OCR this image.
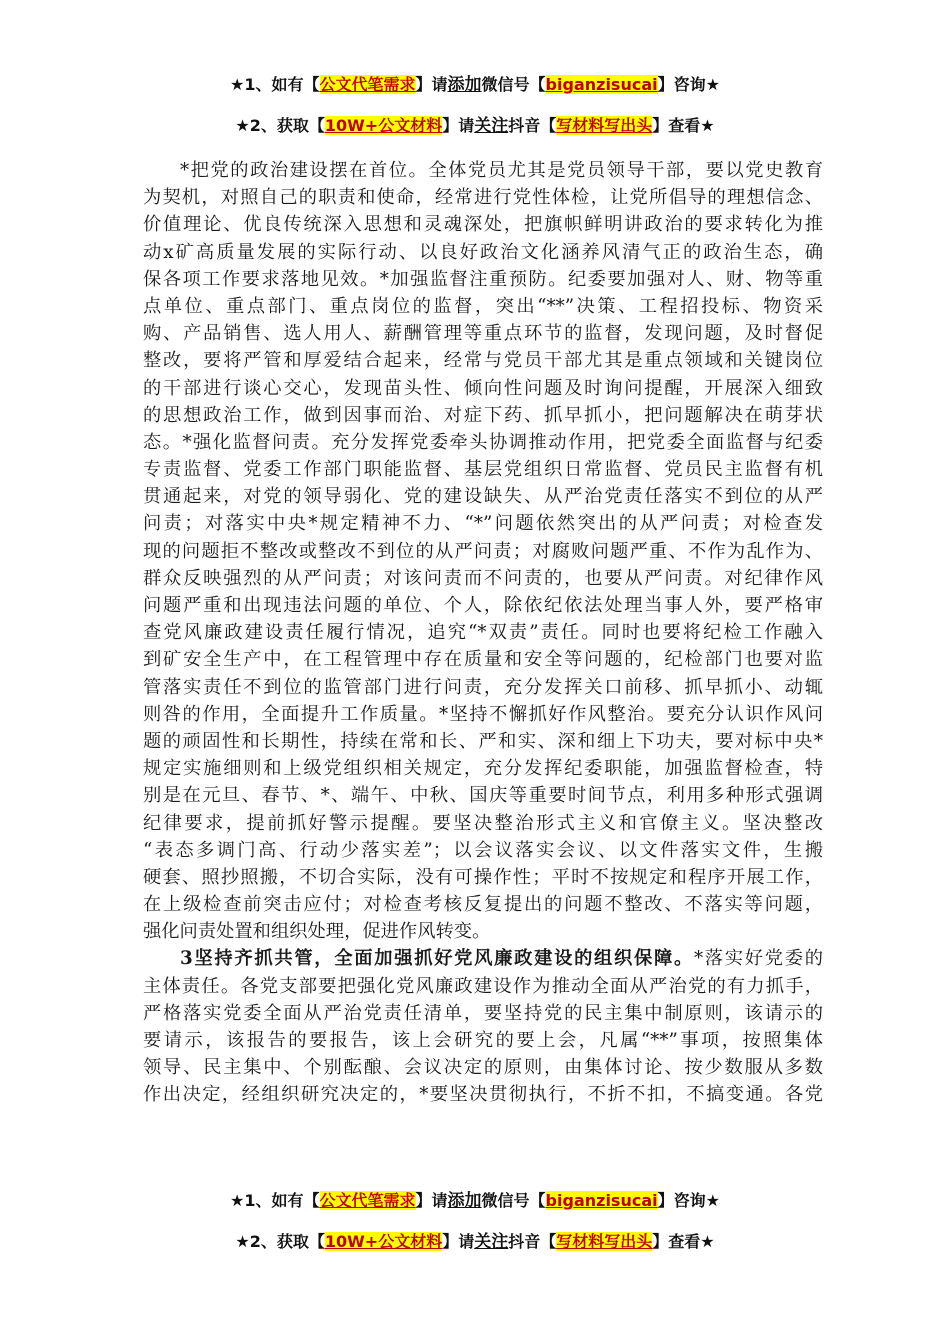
★1、如有【公文代笔需求】请添加微信号【biganzisucai】咨询★
★2、获取【10W+公文材料】请关注抖音【写材料写出头】查看★
*把党的政治建设摆在首位。全体党员尤其是党员领导干部，要以党史教育
为契机，对照自己的职责和使命，经常进行党性体检，让党所倡导的理想信念、
价值理论、优良传统深入思想和灵魂深处，把旗帜鲜明讲政治的要求转化为推
动x矿高质量发展的实际行动、以良好政治文化涵养风清气正的政治生态，确
保各项工作要求落地见效。*加强监督注重预防。纪委要加强对人、财、物等重
点单位、重点部门、重点岗位的监督，突出“**”决策、工程招投标、物资采
购、产品销售、选人用人、薪酬管理等重点环节的监督，发现问题，及时督促
整改，要将严管和厚爱结合起来，经常与党员干部尤其是重点领域和关键岗位
的干部进行谈心交心，发现苗头性、倾向性问题及时询问提醒，开展深入细致
的思想政治工作，做到因事而治、对症下药、抓早抓小，把问题解决在萌芽状
态。*强化监督问责。充分发挥党委牵头协调推动作用，把党委全面监督与纪委
专责监督、党委工作部门职能监督、基层党组织日常监督、党员民主监督有机
贯通起来，对党的领导弱化、党的建设缺失、从严治党责任落实不到位的从严
问责；对落实中央*规定精神不力、“*”问题依然突出的从严问责；对检查发
现的问题拒不整改或整改不到位的从严问责；对腐败问题严重、不作为乱作为、
群众反映强烈的从严问责；对该问责而不问责的，也要从严问责。对纪律作风
问题严重和出现违法问题的单位、个人，除依纪依法处理当事人外，要严格审
查党风廉政建设责任履行情况，追究“*双责”责任。同时也要将纪检工作融入
到矿安全生产中，在工程管理中存在质量和安全等问题的，纪检部门也要对监
管落实责任不到位的监管部门进行问责，充分发挥关口前移、抓早抓小、动辄
则咎的作用，全面提升工作质量。*坚持不懈抓好作风整治。要充分认识作风问
题的顽固性和长期性，持续在常和长、严和实、深和细上下功夫，要对标中央*
规定实施细则和上级党组织相关规定，充分发挥纪委职能，加强监督检查，特
别是在元旦、春节、*、端午、中秋、国庆等重要时间节点，利用多种形式强调
纪律要求，提前抓好警示提醒。要坚决整治形式主义和官僚主义。坚决整改
“表态多调门高、行动少落实差”；以会议落实会议、以文件落实文件，生搬
硬套、照抄照搬，不切合实际，没有可操作性；平时不按规定和程序开展工作，
在上级检查前突击应付；对检查考核反复提出的问题不整改、不落实等问题，
强化问责处置和组织处理，促进作风转变。
3坚持齐抓共管，全面加强抓好党风廉政建设的组织保障。*落实好党委的
主体责任。各党支部要把强化党风廉政建设作为推动全面从严治党的有力抓手，
严格落实党委全面从严治党责任清单，要坚持党的民主集中制原则，该请示的
要请示，该报告的要报告，该上会研究的要上会，凡属“**”事项，按照集体
领导、民主集中、个别酝酿、会议决定的原则，由集体讨论、按少数服从多数
作出决定，经组织研究决定的，*要坚决贯彻执行，不折不扣，不搞变通。各党
★1、如有【公文代笔需求】请添加微信号【biganzisucai】咨询★
★2、获取【10W+公文材料】请关注抖音【写材料写出头】查看★
